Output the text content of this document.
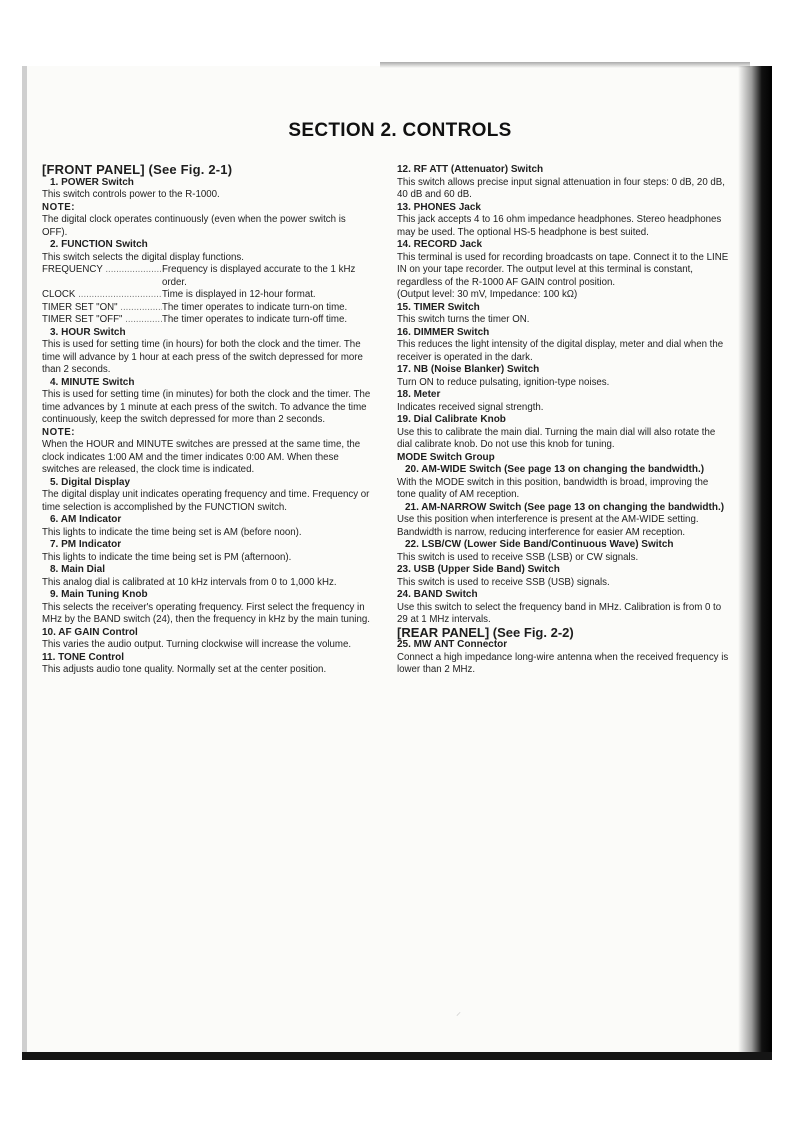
SECTION 2. CONTROLS

[FRONT PANEL] (See Fig. 2-1)

1. POWER Switch

This switch controls power to the R-1000.

NOTE:

The digital clock operates continuously (even when the power switch is OFF).

2. FUNCTION Switch

This switch selects the digital display functions.

FREQUENCY .....	Frequency is displayed accurate to the 1 kHz order.
CLOCK .....	Time is displayed in 12-hour format.
TIMER SET "ON" .....	The timer operates to indicate turn-on time.
TIMER SET "OFF" .....	The timer operates to indicate turn-off time.

3. HOUR Switch

This is used for setting time (in hours) for both the clock and the timer. The time will advance by 1 hour at each press of the switch depressed for more than 2 seconds.

4. MINUTE Switch

This is used for setting time (in minutes) for both the clock and the timer. The time advances by 1 minute at each press of the switch. To advance the time continuously, keep the switch depressed for more than 2 seconds.

NOTE:

When the HOUR and MINUTE switches are pressed at the same time, the clock indicates 1:00 AM and the timer indicates 0:00 AM. When these switches are released, the clock time is indicated.

5. Digital Display

The digital display unit indicates operating frequency and time. Frequency or time selection is accomplished by the FUNCTION switch.

6. AM Indicator

This lights to indicate the time being set is AM (before noon).

7. PM Indicator

This lights to indicate the time being set is PM (afternoon).

8. Main Dial

This analog dial is calibrated at 10 kHz intervals from 0 to 1,000 kHz.

9. Main Tuning Knob

This selects the receiver's operating frequency. First select the frequency in MHz by the BAND switch (24), then the frequency in kHz by the main tuning.

10. AF GAIN Control

This varies the audio output. Turning clockwise will increase the volume.

11. TONE Control

This adjusts audio tone quality. Normally set at the center position.

12. RF ATT (Attenuator) Switch

This switch allows precise input signal attenuation in four steps: 0 dB, 20 dB, 40 dB and 60 dB.

13. PHONES Jack

This jack accepts 4 to 16 ohm impedance headphones. Stereo headphones may be used. The optional HS-5 headphone is best suited.

14. RECORD Jack

This terminal is used for recording broadcasts on tape. Connect it to the LINE IN on your tape recorder. The output level at this terminal is constant, regardless of the R-1000 AF GAIN control position.

(Output level: 30 mV, Impedance: 100 kΩ)

15. TIMER Switch

This switch turns the timer ON.

16. DIMMER Switch

This reduces the light intensity of the digital display, meter and dial when the receiver is operated in the dark.

17. NB (Noise Blanker) Switch

Turn ON to reduce pulsating, ignition-type noises.

18. Meter

Indicates received signal strength.

19. Dial Calibrate Knob

Use this to calibrate the main dial. Turning the main dial will also rotate the dial calibrate knob. Do not use this knob for tuning.

MODE Switch Group

20. AM-WIDE Switch (See page 13 on changing the bandwidth.)

With the MODE switch in this position, bandwidth is broad, improving the tone quality of AM reception.

21. AM-NARROW Switch (See page 13 on changing the bandwidth.)

Use this position when interference is present at the AM-WIDE setting. Bandwidth is narrow, reducing interference for easier AM reception.

22. LSB/CW (Lower Side Band/Continuous Wave) Switch

This switch is used to receive SSB (LSB) or CW signals.

23. USB (Upper Side Band) Switch

This switch is used to receive SSB (USB) signals.

24. BAND Switch

Use this switch to select the frequency band in MHz. Calibration is from 0 to 29 at 1 MHz intervals.

[REAR PANEL] (See Fig. 2-2)

25. MW ANT Connector

Connect a high impedance long-wire antenna when the received frequency is lower than 2 MHz.
